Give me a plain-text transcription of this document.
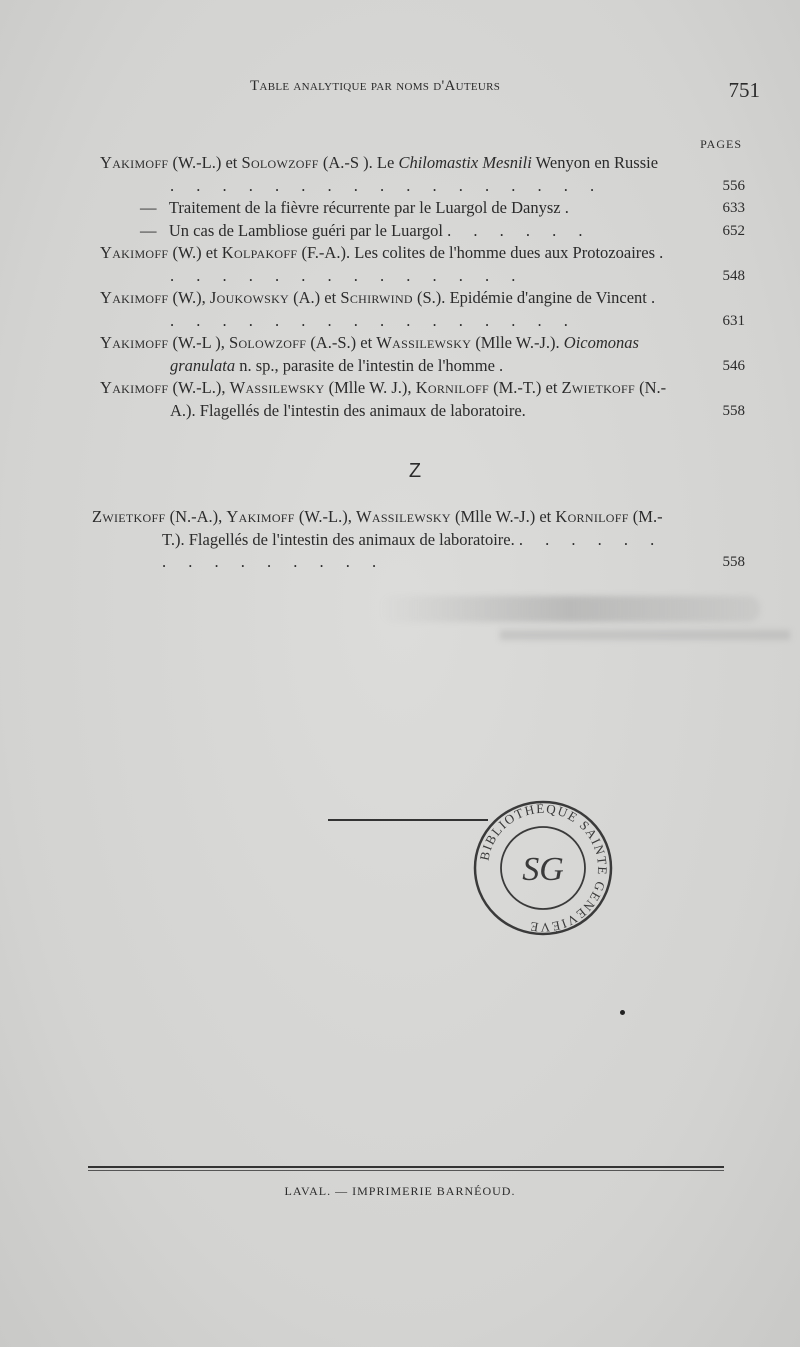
Table analytique par noms d'Auteurs	751
PAGES
Yakimoff (W.-L.) et Solowzoff (A.-S ). Le Chilomastix Mesnili Wenyon en Russie . . . . . . . . . . . . . . . . .	556
— Traitement de la fièvre récurrente par le Luargol de Danysz .	633
— Un cas de Lambliose guéri par le Luargol . . . . . .	652
Yakimoff (W.) et Kolpakoff (F.-A.). Les colites de l'homme dues aux Protozoaires . . . . . . . . . . . . . . .	548
Yakimoff (W.), Joukowsky (A.) et Schirwind (S.). Epidémie d'angine de Vincent . . . . . . . . . . . . . . . . .	631
Yakimoff (W.-L ), Solowzoff (A.-S.) et Wassilewsky (Mlle W.-J.). Oicomonas granulata n. sp., parasite de l'intestin de l'homme .	546
Yakimoff (W.-L.), Wassilewsky (Mlle W. J.), Korniloff (M.-T.) et Zwietkoff (N.-A.). Flagellés de l'intestin des animaux de laboratoire.	558
Z
Zwietkoff (N.-A.), Yakimoff (W.-L.), Wassilewsky (Mlle W.-J.) et Korniloff (M.-T.). Flagellés de l'intestin des animaux de laboratoire. . . . . . . . . . . . . . . .	558
BIBLIOTHÈQUE SAINTE GENEVIÈVE
SG
LAVAL. — IMPRIMERIE BARNÉOUD.
